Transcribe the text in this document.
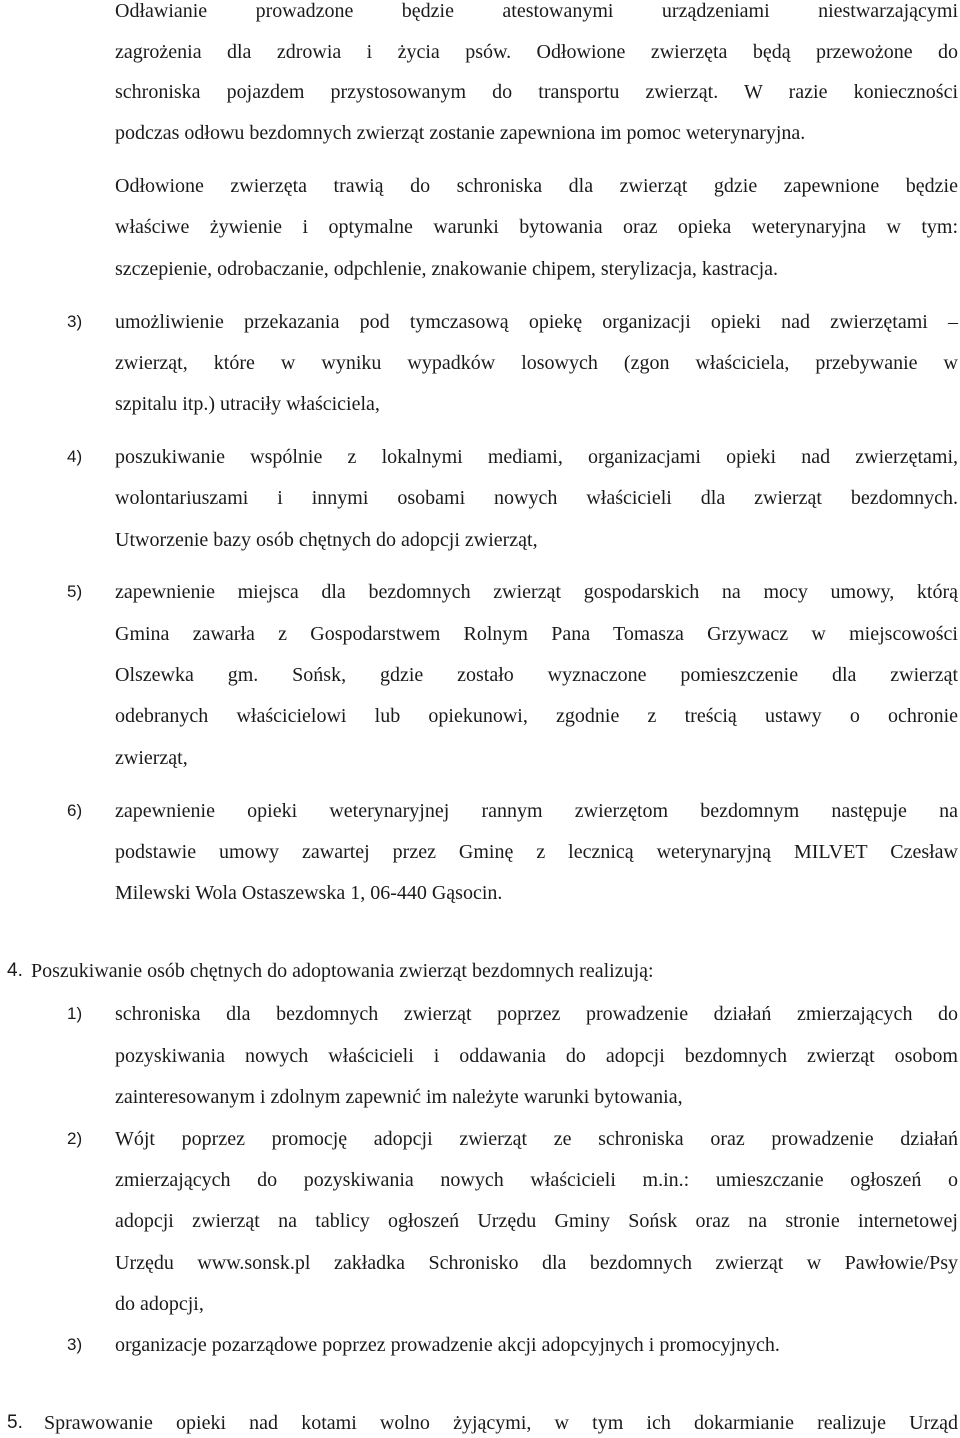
Odławianie prowadzone będzie atestowanymi urządzeniami niestwarzającymi
zagrożenia dla zdrowia i życia psów. Odłowione zwierzęta będą przewożone do
schroniska pojazdem przystosowanym do transportu zwierząt. W razie konieczności
podczas odłowu bezdomnych zwierząt zostanie zapewniona im pomoc weterynaryjna.
Odłowione zwierzęta trawią do schroniska dla zwierząt gdzie zapewnione będzie
właściwe żywienie i optymalne warunki bytowania oraz opieka weterynaryjna w tym:
szczepienie, odrobaczanie, odpchlenie, znakowanie chipem, sterylizacja, kastracja.
3) umożliwienie przekazania pod tymczasową opiekę organizacji opieki nad zwierzętami –
zwierząt, które w wyniku wypadków losowych (zgon właściciela, przebywanie w
szpitalu itp.) utraciły właściciela,
4) poszukiwanie wspólnie z lokalnymi mediami, organizacjami opieki nad zwierzętami,
wolontariuszami i innymi osobami nowych właścicieli dla zwierząt bezdomnych.
Utworzenie bazy osób chętnych do adopcji zwierząt,
5) zapewnienie miejsca dla bezdomnych zwierząt gospodarskich na mocy umowy, którą
Gmina zawarła z Gospodarstwem Rolnym Pana Tomasza Grzywacz w miejscowości
Olszewka gm. Sońsk, gdzie zostało wyznaczone pomieszczenie dla zwierząt
odebranych właścicielowi lub opiekunowi, zgodnie z treścią ustawy o ochronie
zwierząt,
6) zapewnienie opieki weterynaryjnej rannym zwierzętom bezdomnym następuje na
podstawie umowy zawartej przez Gminę z lecznicą weterynaryjną MILVET Czesław
Milewski Wola Ostaszewska 1, 06-440 Gąsocin.
4. Poszukiwanie osób chętnych do adoptowania zwierząt bezdomnych realizują:
1) schroniska dla bezdomnych zwierząt poprzez prowadzenie działań zmierzających do
pozyskiwania nowych właścicieli i oddawania do adopcji bezdomnych zwierząt osobom
zainteresowanym i zdolnym zapewnić im należyte warunki bytowania,
2) Wójt poprzez promocję adopcji zwierząt ze schroniska oraz prowadzenie działań
zmierzających do pozyskiwania nowych właścicieli m.in.: umieszczanie ogłoszeń o
adopcji zwierząt na tablicy ogłoszeń Urzędu Gminy Sońsk oraz na stronie internetowej
Urzędu www.sonsk.pl zakładka Schronisko dla bezdomnych zwierząt w Pawłowie/Psy
do adopcji,
3) organizacje pozarządowe poprzez prowadzenie akcji adopcyjnych i promocyjnych.
5. Sprawowanie opieki nad kotami wolno żyjącymi, w tym ich dokarmianie realizuje Urząd
